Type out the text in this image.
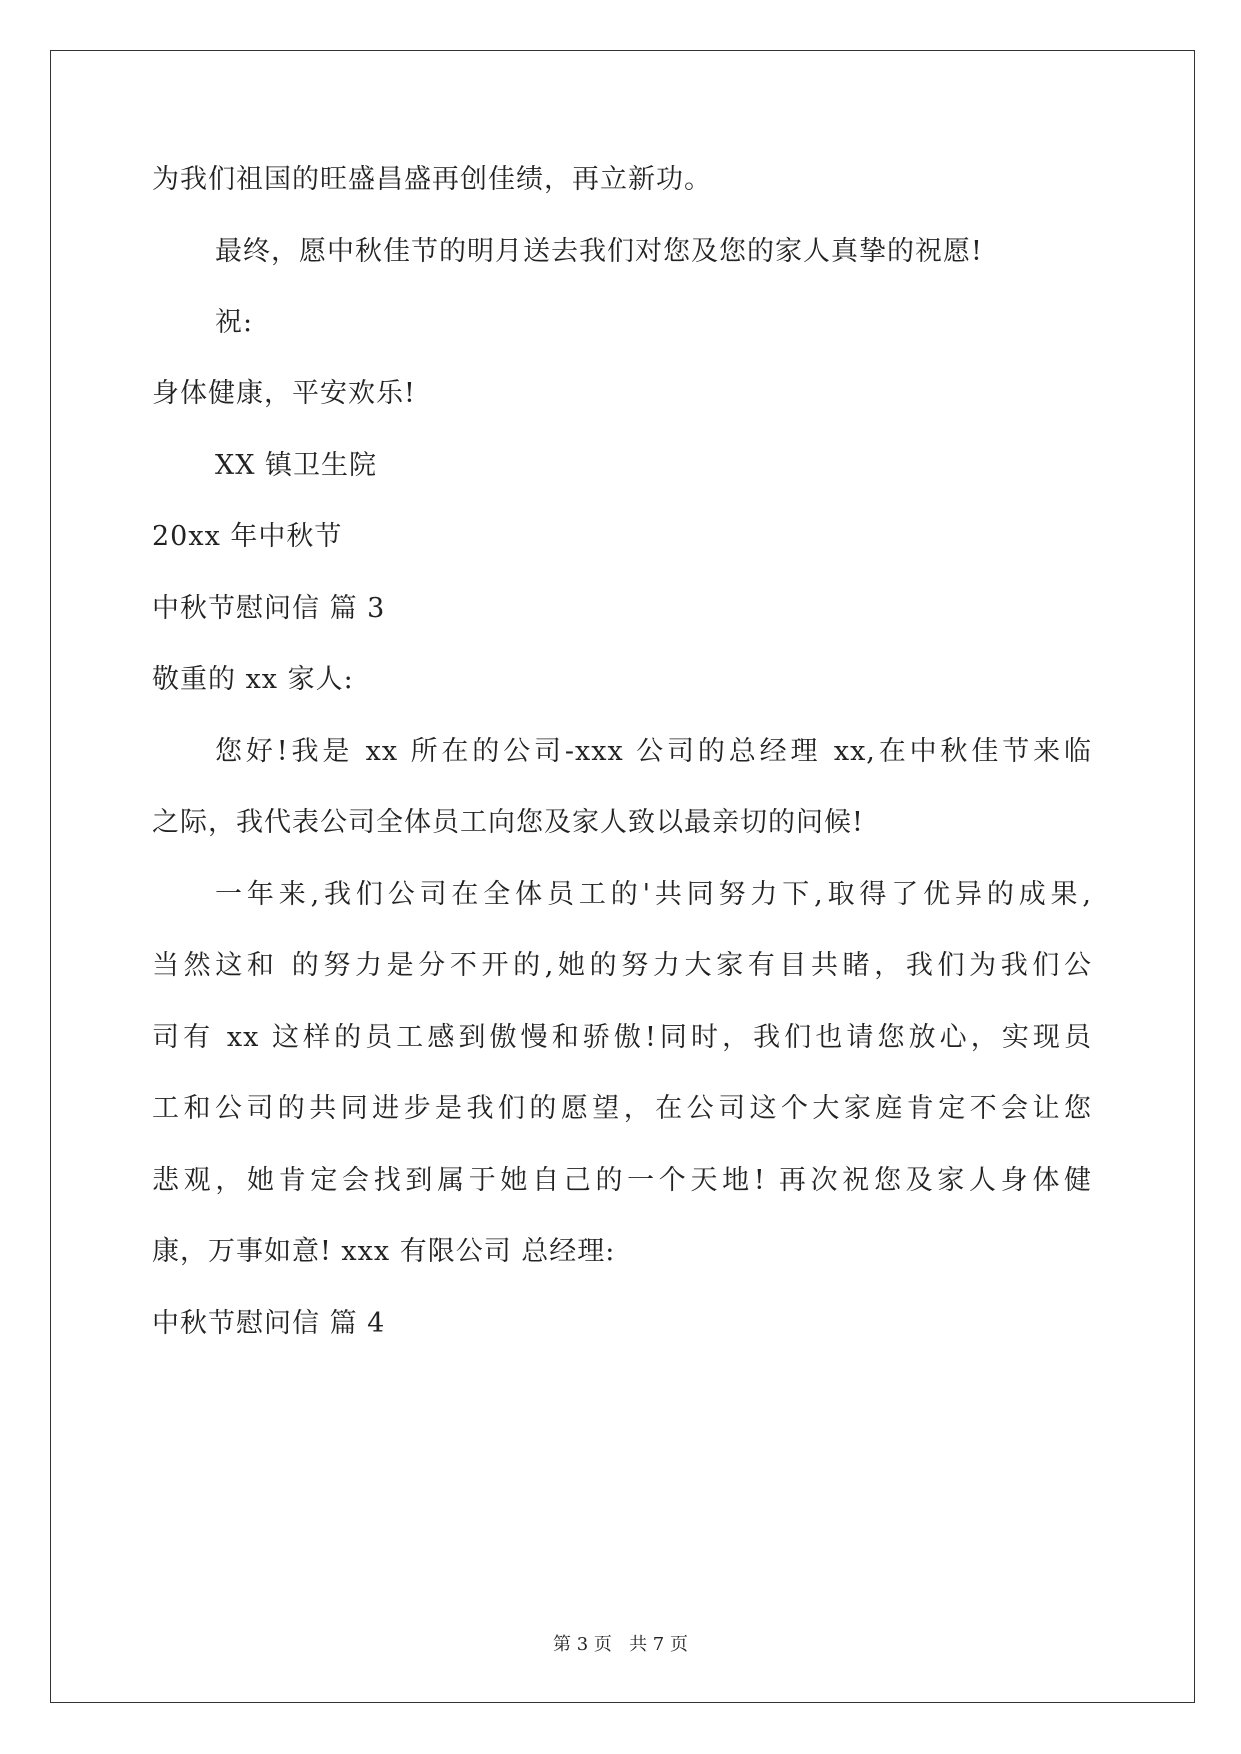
为我们祖国的旺盛昌盛再创佳绩，再立新功。
最终，愿中秋佳节的明月送去我们对您及您的家人真挚的祝愿!
祝:
身体健康，平安欢乐!
XX 镇卫生院
20xx 年中秋节
中秋节慰问信 篇 3
敬重的 xx 家人:
您好!我是 xx 所在的公司-xxx 公司的总经理 xx,在中秋佳节来临
之际，我代表公司全体员工向您及家人致以最亲切的问候!
一年来,我们公司在全体员工的'共同努力下,取得了优异的成果,
当然这和 的努力是分不开的,她的努力大家有目共睹，我们为我们公
司有 xx 这样的员工感到傲慢和骄傲!同时，我们也请您放心，实现员
工和公司的共同进步是我们的愿望，在公司这个大家庭肯定不会让您
悲观，她肯定会找到属于她自己的一个天地! 再次祝您及家人身体健
康，万事如意! xxx 有限公司 总经理:
中秋节慰问信 篇 4
第 3 页 共 7 页
